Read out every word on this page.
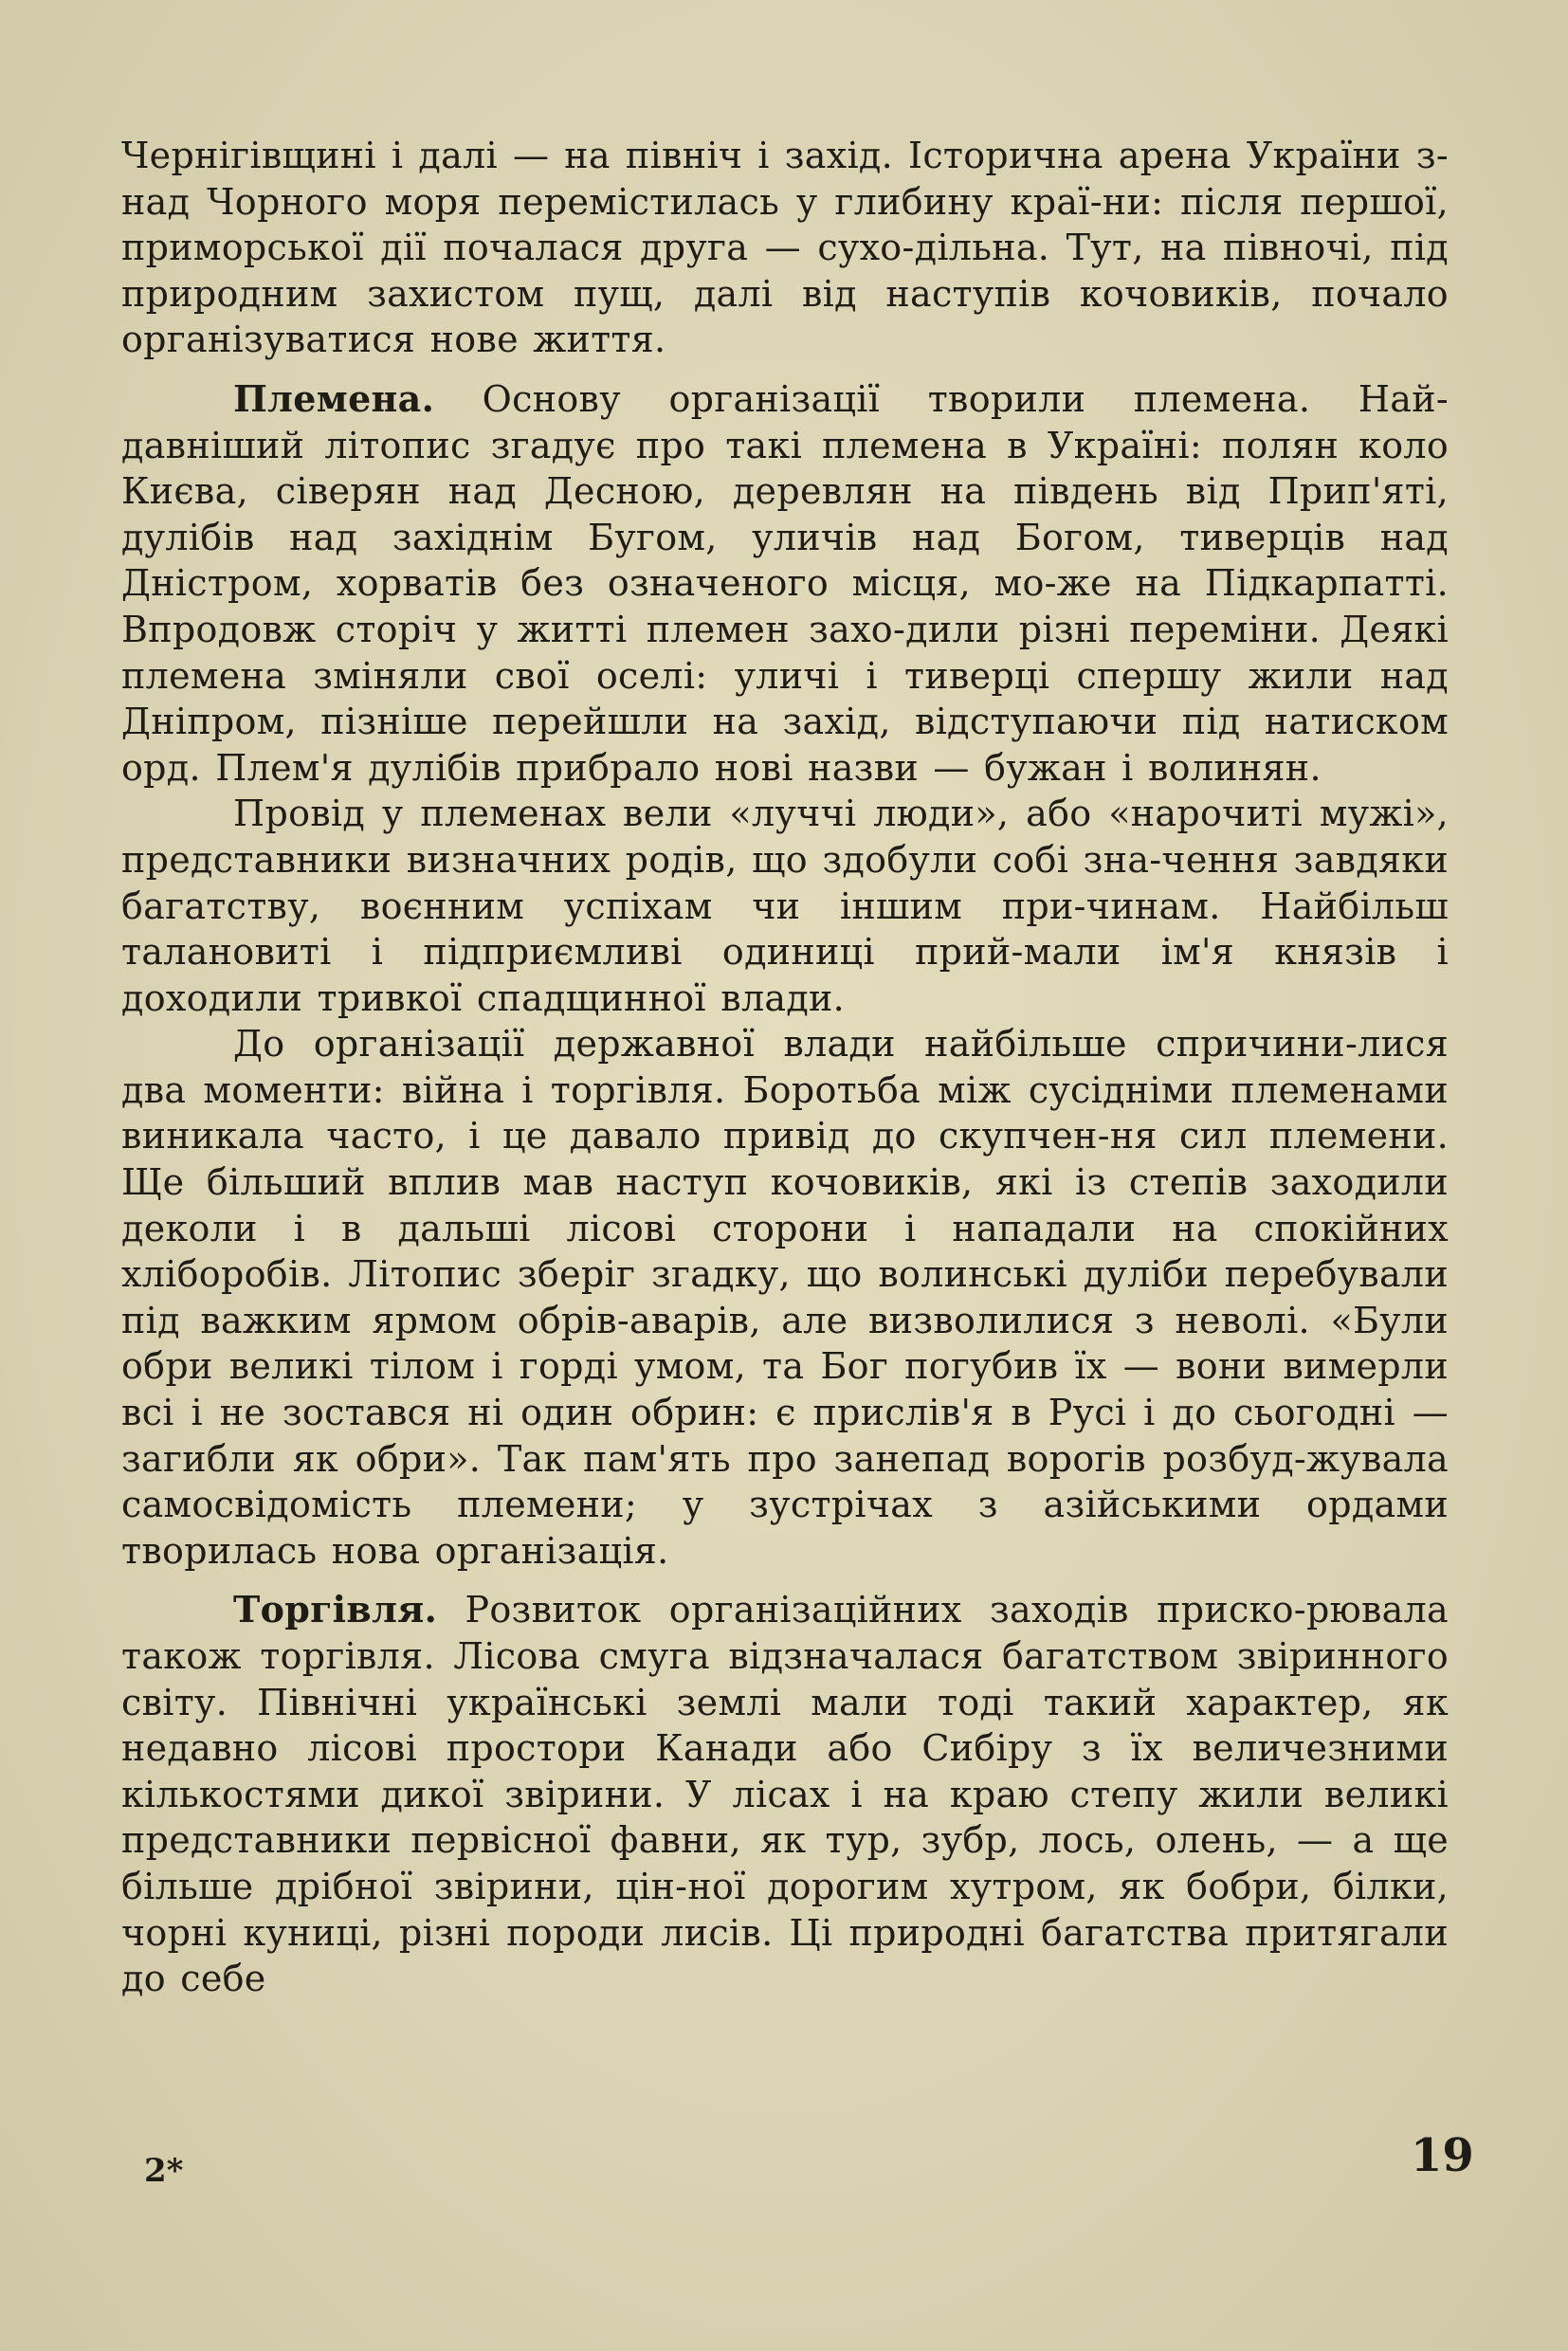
Чернігівщині і далі — на північ і захід. Історична арена України з-над Чорного моря перемістилась у глибину краї-ни: після першої, приморської дії почалася друга — сухо-дільна. Тут, на півночі, під природним захистом пущ, далі від наступів кочовиків, почало організуватися нове життя.

Племена. Основу організації творили племена. Най-давніший літопис згадує про такі племена в Україні: полян коло Києва, сіверян над Десною, деревлян на південь від Прип'яті, дулібів над західнім Бугом, уличів над Богом, тиверців над Дністром, хорватів без означеного місця, мо-же на Підкарпатті. Впродовж сторіч у житті племен захо-дили різні переміни. Деякі племена зміняли свої оселі: уличі і тиверці спершу жили над Дніпром, пізніше перейшли на захід, відступаючи під натиском орд. Плем'я дулібів прибрало нові назви — бужан і волинян.

Провід у племенах вели «луччі люди», або «нарочиті мужі», представники визначних родів, що здобули собі зна-чення завдяки багатству, воєнним успіхам чи іншим при-чинам. Найбільш талановиті і підприємливі одиниці прий-мали ім'я князів і доходили тривкої спадщинної влади.

До організації державної влади найбільше спричини-лися два моменти: війна і торгівля. Боротьба між сусідніми племенами виникала часто, і це давало привід до скупчен-ня сил племени. Ще більший вплив мав наступ кочовиків, які із степів заходили деколи і в дальші лісові сторони і нападали на спокійних хліборобів. Літопис зберіг згадку, що волинські дуліби перебували під важким ярмом обрів-аварів, але визволилися з неволі. «Були обри великі тілом і горді умом, та Бог погубив їх — вони вимерли всі і не зостався ні один обрин: є прислів'я в Русі і до сьогодні — загибли як обри». Так пам'ять про занепад ворогів розбуд-жувала самосвідомість племени; у зустрічах з азійськими ордами творилась нова організація.

Торгівля. Розвиток організаційних заходів приско-рювала також торгівля. Лісова смуга відзначалася багатством звіринного світу. Північні українські землі мали тоді такий характер, як недавно лісові простори Канади або Сибіру з їх величезними кількостями дикої звірини. У лісах і на краю степу жили великі представники первісної фавни, як тур, зубр, лось, олень, — а ще більше дрібної звірини, цін-ної дорогим хутром, як бобри, білки, чорні куниці, різні породи лисів. Ці природні багатства притягали до себе

2*	19
